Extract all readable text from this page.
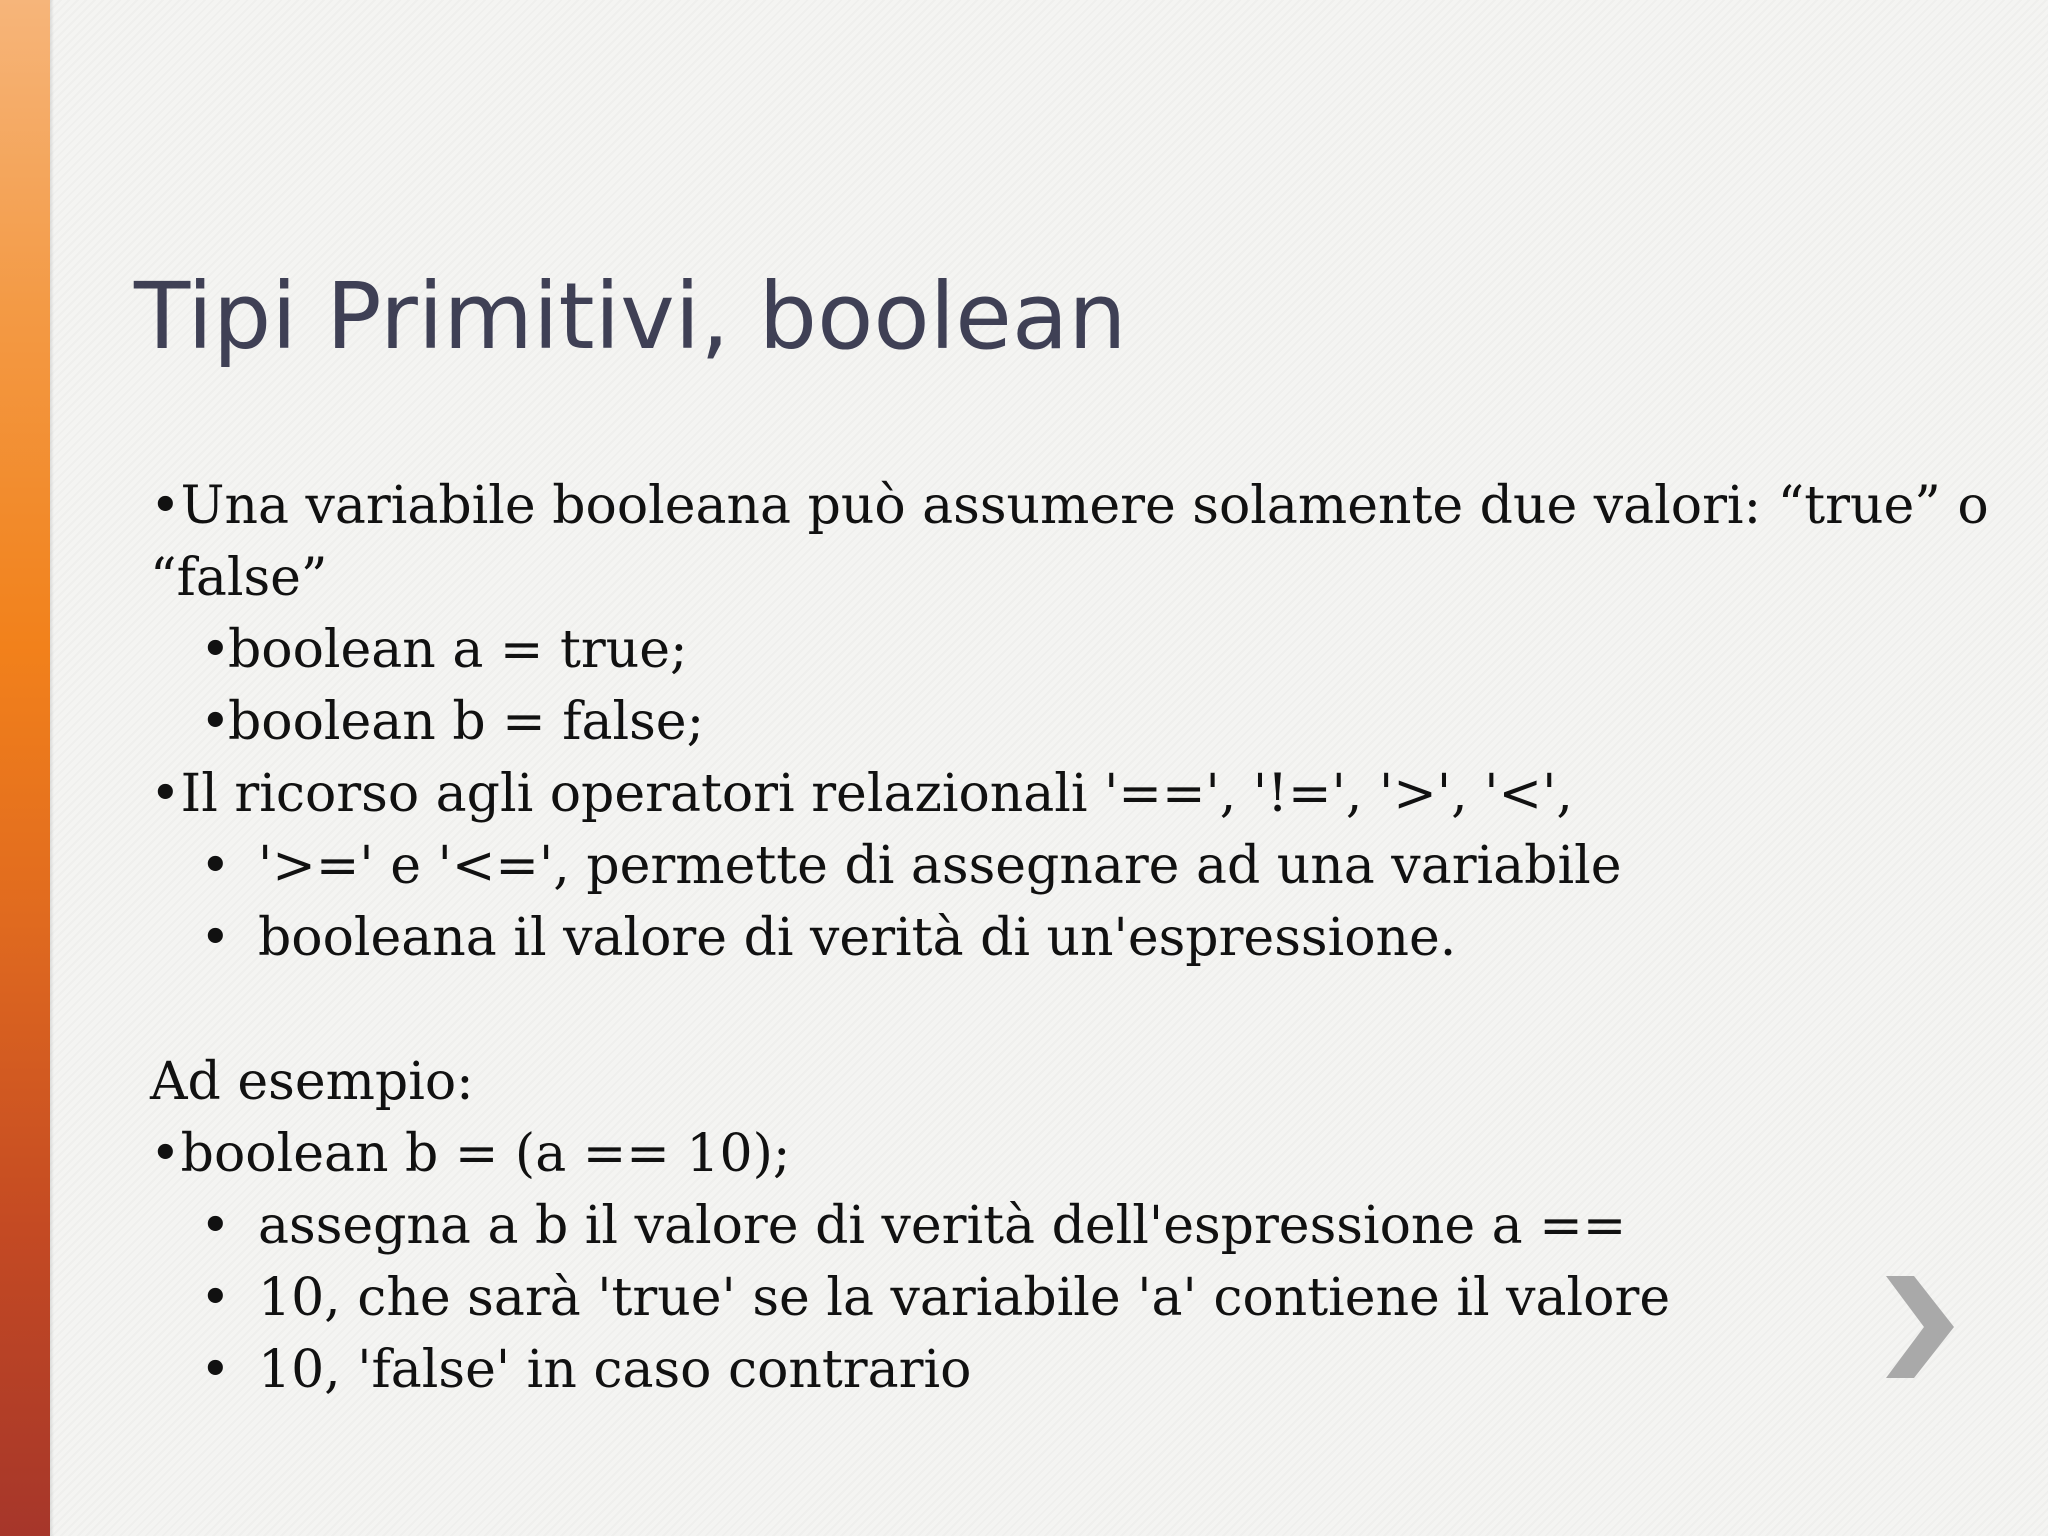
Tipi Primitivi, boolean
•Una variabile booleana può assumere solamente due valori: “true” o
“false”
•boolean a = true;
•boolean b = false;
•Il ricorso agli operatori relazionali '==', '!=', '>', '<',
• '>=' e '<=', permette di assegnare ad una variabile
• booleana il valore di verità di un'espressione.
Ad esempio:
•boolean b = (a == 10);
• assegna a b il valore di verità dell'espressione a ==
• 10, che sarà 'true' se la variabile 'a' contiene il valore
• 10, 'false' in caso contrario
